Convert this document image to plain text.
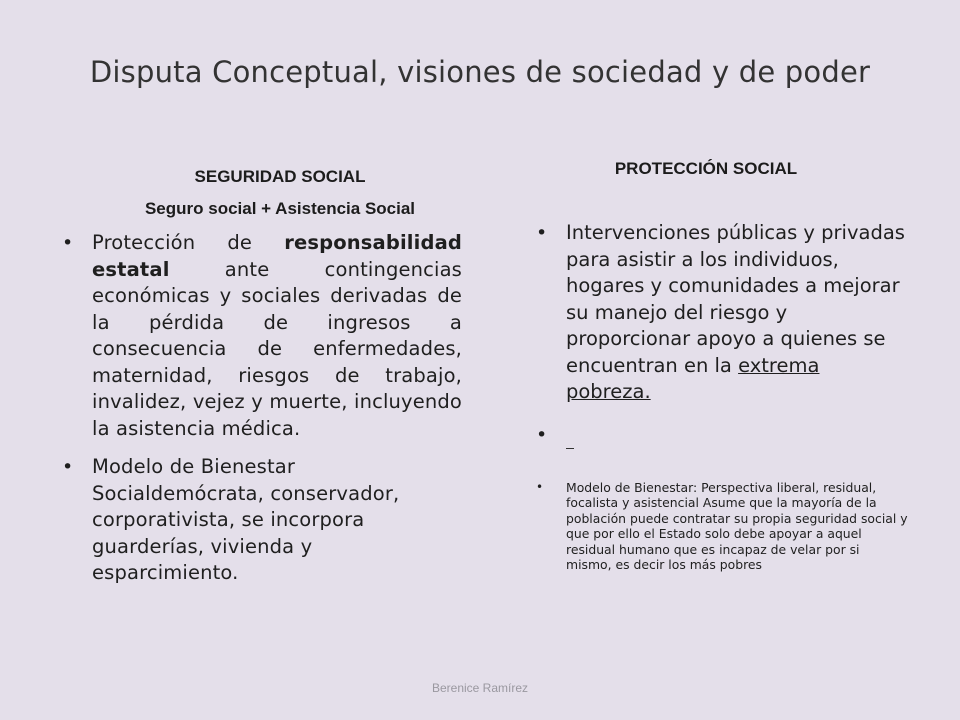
Disputa Conceptual, visiones de sociedad y de poder
SEGURIDAD SOCIAL
Seguro social + Asistencia Social
• Protección de responsabilidad estatal ante contingencias económicas y sociales derivadas de la pérdida de ingresos a consecuencia de enfermedades, maternidad, riesgos de trabajo, invalidez, vejez y muerte, incluyendo la asistencia médica.
• Modelo de Bienestar Socialdemócrata, conservador, corporativista, se incorpora guarderías, vivienda y esparcimiento.
PROTECCIÓN SOCIAL
• Intervenciones públicas y privadas para asistir a los individuos, hogares y comunidades a mejorar su manejo del riesgo y proporcionar apoyo a quienes se encuentran en la extrema pobreza.
•
• Modelo de Bienestar: Perspectiva liberal, residual, focalista y asistencial Asume que la mayoría de la población puede contratar su propia seguridad social y que por ello el Estado solo debe apoyar a aquel residual humano que es incapaz de velar por si mismo, es decir los más pobres
Berenice Ramírez
